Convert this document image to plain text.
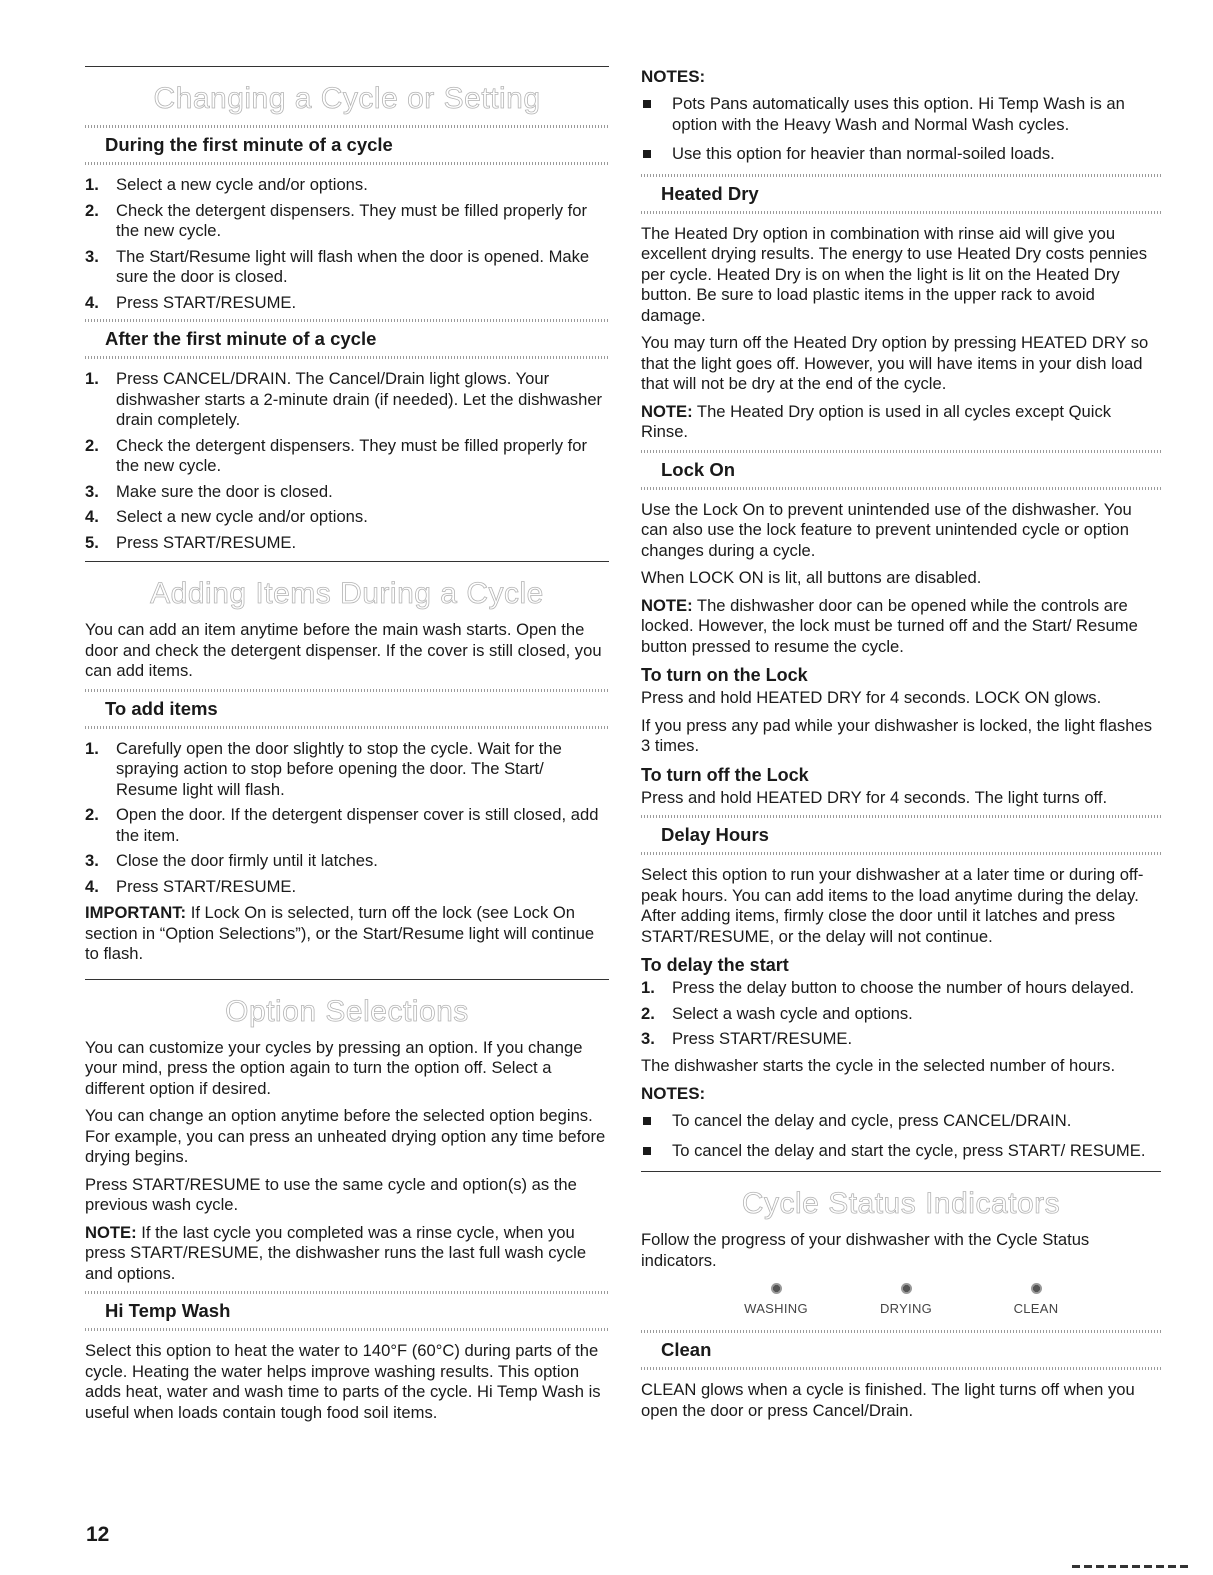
Changing a Cycle or Setting
During the first minute of a cycle
1. Select a new cycle and/or options.
2. Check the detergent dispensers. They must be filled properly for the new cycle.
3. The Start/Resume light will flash when the door is opened. Make sure the door is closed.
4. Press START/RESUME.
After the first minute of a cycle
1. Press CANCEL/DRAIN. The Cancel/Drain light glows. Your dishwasher starts a 2-minute drain (if needed). Let the dishwasher drain completely.
2. Check the detergent dispensers. They must be filled properly for the new cycle.
3. Make sure the door is closed.
4. Select a new cycle and/or options.
5. Press START/RESUME.
Adding Items During a Cycle

You can add an item anytime before the main wash starts. Open the door and check the detergent dispenser. If the cover is still closed, you can add items.

To add items
1. Carefully open the door slightly to stop the cycle. Wait for the spraying action to stop before opening the door. The Start/ Resume light will flash.
2. Open the door. If the detergent dispenser cover is still closed, add the item.
3. Close the door firmly until it latches.
4. Press START/RESUME.

IMPORTANT: If Lock On is selected, turn off the lock (see Lock On section in “Option Selections”), or the Start/Resume light will continue to flash.

Option Selections

You can customize your cycles by pressing an option. If you change your mind, press the option again to turn the option off. Select a different option if desired.

You can change an option anytime before the selected option begins. For example, you can press an unheated drying option any time before drying begins.

Press START/RESUME to use the same cycle and option(s) as the previous wash cycle.

NOTE: If the last cycle you completed was a rinse cycle, when you press START/RESUME, the dishwasher runs the last full wash cycle and options.

Hi Temp Wash

Select this option to heat the water to 140°F (60°C) during parts of the cycle. Heating the water helps improve washing results. This option adds heat, water and wash time to parts of the cycle. Hi Temp Wash is useful when loads contain tough food soil items.

NOTES:
Pots Pans automatically uses this option. Hi Temp Wash is an option with the Heavy Wash and Normal Wash cycles.
Use this option for heavier than normal-soiled loads.
Heated Dry

The Heated Dry option in combination with rinse aid will give you excellent drying results. The energy to use Heated Dry costs pennies per cycle. Heated Dry is on when the light is lit on the Heated Dry button. Be sure to load plastic items in the upper rack to avoid damage.

You may turn off the Heated Dry option by pressing HEATED DRY so that the light goes off. However, you will have items in your dish load that will not be dry at the end of the cycle.

NOTE: The Heated Dry option is used in all cycles except Quick Rinse.

Lock On

Use the Lock On to prevent unintended use of the dishwasher. You can also use the lock feature to prevent unintended cycle or option changes during a cycle.

When LOCK ON is lit, all buttons are disabled.

NOTE: The dishwasher door can be opened while the controls are locked. However, the lock must be turned off and the Start/ Resume button pressed to resume the cycle.

To turn on the Lock

Press and hold HEATED DRY for 4 seconds. LOCK ON glows.

If you press any pad while your dishwasher is locked, the light flashes 3 times.

To turn off the Lock

Press and hold HEATED DRY for 4 seconds. The light turns off.

Delay Hours

Select this option to run your dishwasher at a later time or during off-peak hours. You can add items to the load anytime during the delay. After adding items, firmly close the door until it latches and press START/RESUME, or the delay will not continue.

To delay the start
1. Press the delay button to choose the number of hours delayed.
2. Select a wash cycle and options.
3. Press START/RESUME.

The dishwasher starts the cycle in the selected number of hours.

NOTES:
To cancel the delay and cycle, press CANCEL/DRAIN.
To cancel the delay and start the cycle, press START/ RESUME.
Cycle Status Indicators

Follow the progress of your dishwasher with the Cycle Status indicators.

WASHING	DRYING	CLEAN
Clean

CLEAN glows when a cycle is finished. The light turns off when you open the door or press Cancel/Drain.

12
